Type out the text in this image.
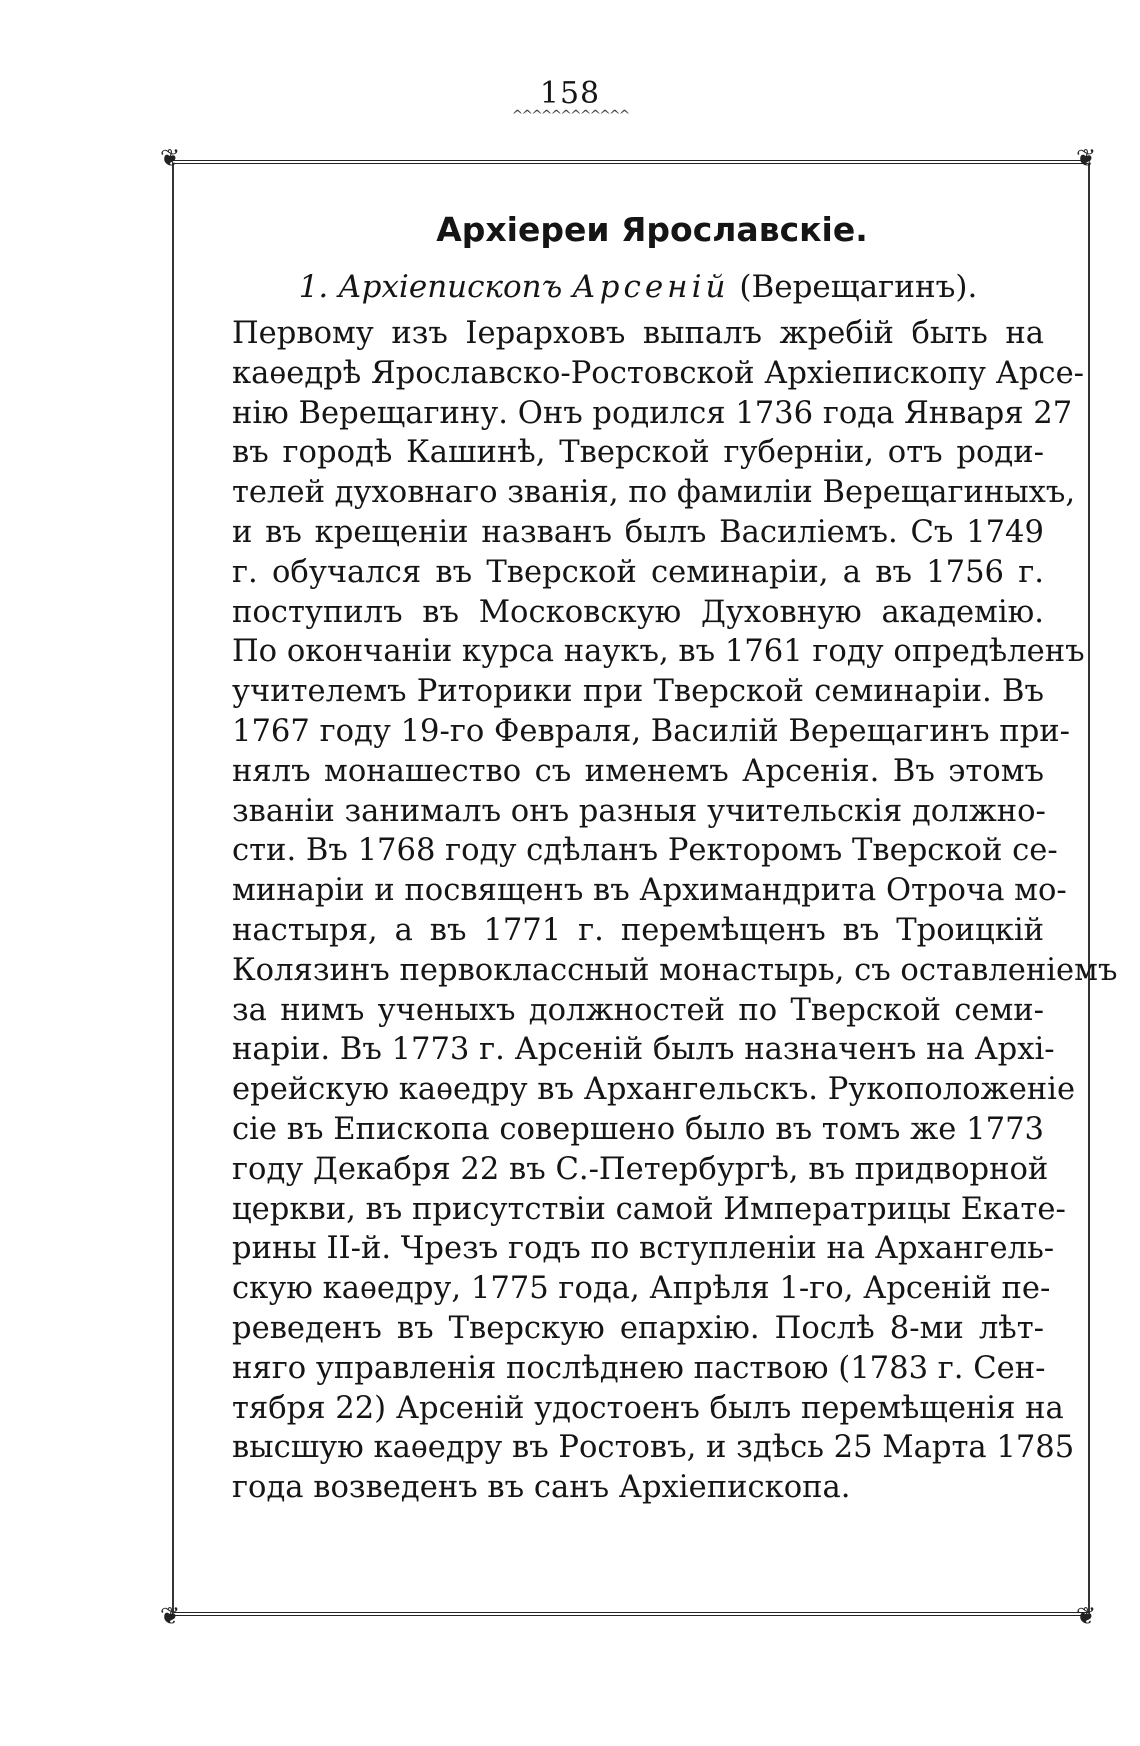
158
^^^^^^^^^^^^
❦	❦
❦	❦
Архіереи Ярославскіе.

1. Архіепископъ Арсеній (Верещагинъ).

Первому изъ Іерарховъ выпалъ жребій быть на
каѳедрѣ Ярославско-Ростовской Архіепископу Арсе-
нію Верещагину. Онъ родился 1736 года Января 27
въ городѣ Кашинѣ, Тверской губерніи, отъ роди-
телей духовнаго званія, по фамиліи Верещагиныхъ,
и въ крещеніи названъ былъ Василіемъ. Съ 1749
г. обучался въ Тверской семинаріи, а въ 1756 г.
поступилъ въ Московскую Духовную академію.
По окончаніи курса наукъ, въ 1761 году опредѣленъ
учителемъ Риторики при Тверской семинаріи. Въ
1767 году 19-го Февраля, Василій Верещагинъ при-
нялъ монашество съ именемъ Арсенія. Въ этомъ
званіи занималъ онъ разныя учительскія должно-
сти. Въ 1768 году сдѣланъ Ректоромъ Тверской се-
минаріи и посвященъ въ Архимандрита Отроча мо-
настыря, а въ 1771 г. перемѣщенъ въ Троицкій
Колязинъ первоклассный монастырь, съ оставленіемъ
за нимъ ученыхъ должностей по Тверской семи-
наріи. Въ 1773 г. Арсеній былъ назначенъ на Архі-
ерейскую каѳедру въ Архангельскъ. Рукоположеніе
сіе въ Епископа совершено было въ томъ же 1773
году Декабря 22 въ С.-Петербургѣ, въ придворной
церкви, въ присутствіи самой Императрицы Екате-
рины II-й. Чрезъ годъ по вступленіи на Архангель-
скую каѳедру, 1775 года, Апрѣля 1-го, Арсеній пе-
реведенъ въ Тверскую епархію. Послѣ 8-ми лѣт-
няго управленія послѣднею паствою (1783 г. Сен-
тября 22) Арсеній удостоенъ былъ перемѣщенія на
высшую каѳедру въ Ростовъ, и здѣсь 25 Марта 1785
года возведенъ въ санъ Архіепископа.
